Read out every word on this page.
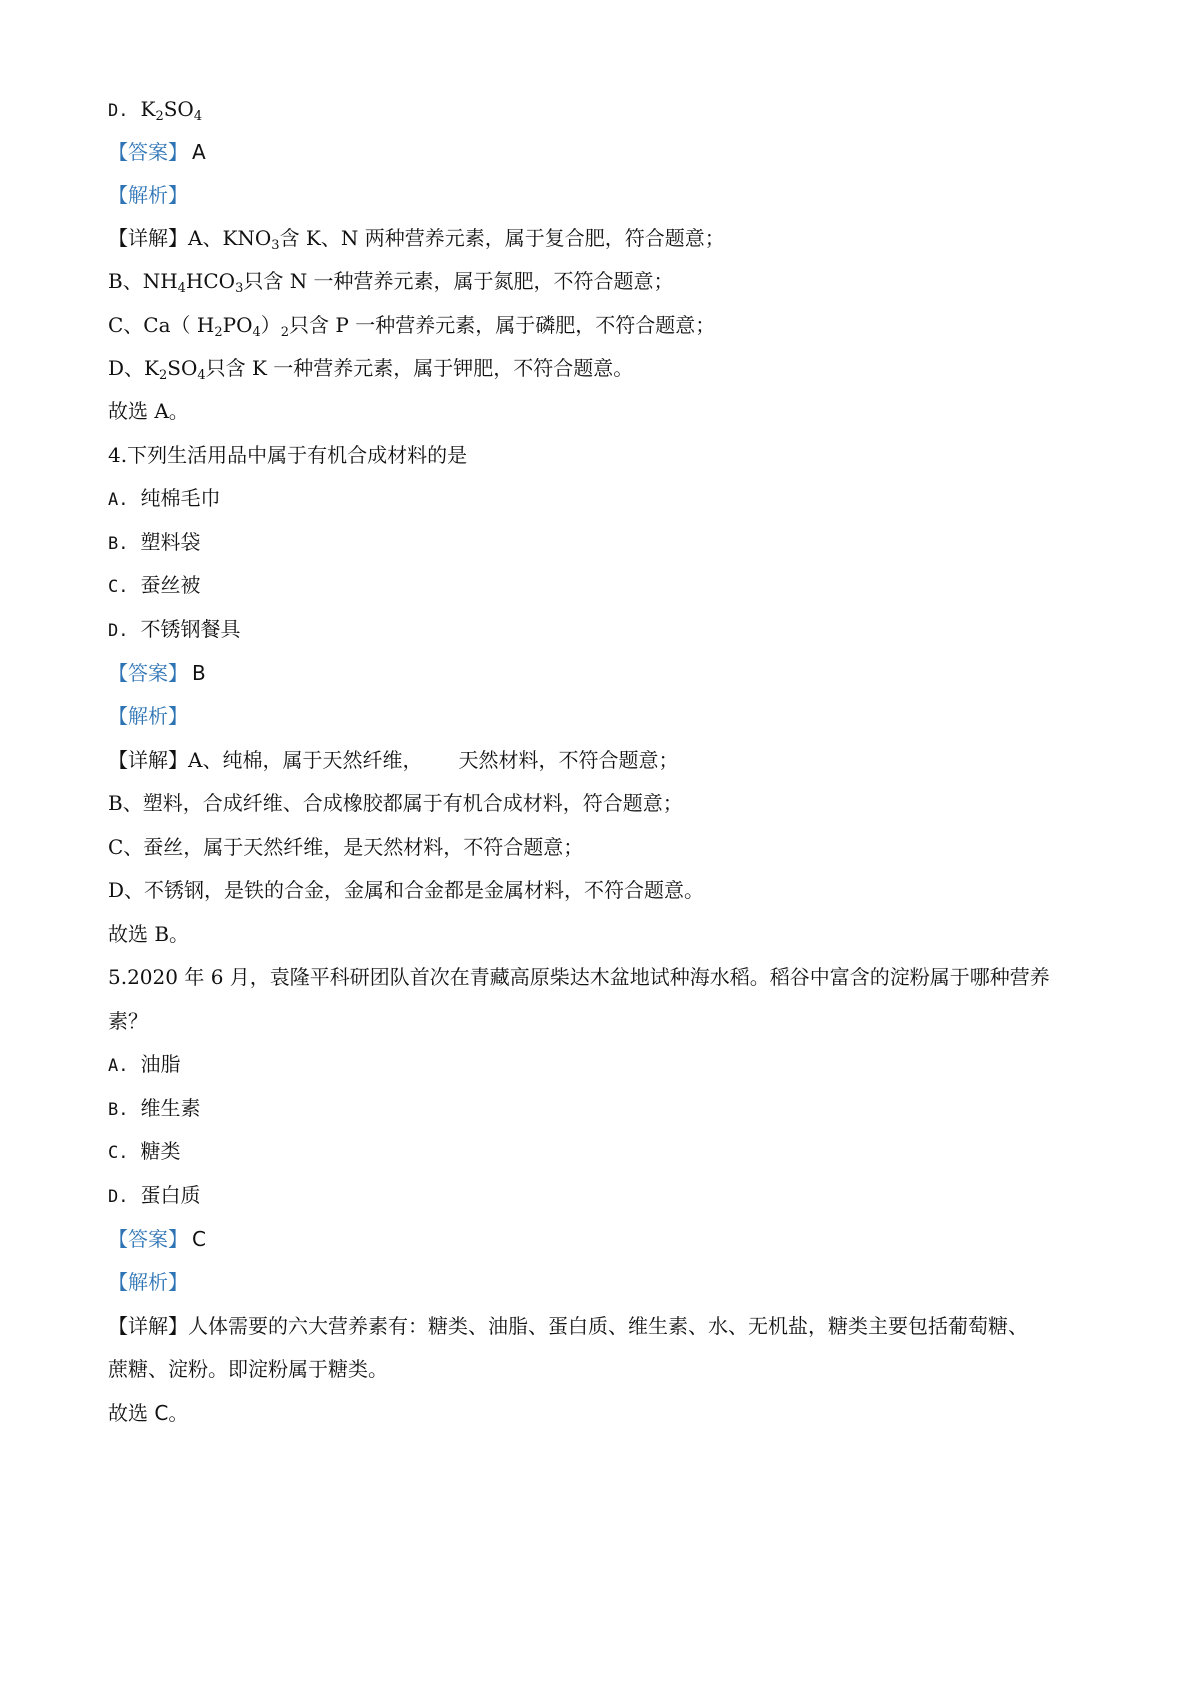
D. $K_2SO_4$
【答案】 A
【解析】
【详解】A、$KNO_3$含 K、N 两种营养元素，属于复合肥，符合题意；
B、$NH_4HCO_3$只含 N 一种营养元素，属于氮肥，不符合题意；
C、Ca（ $H_2PO_4)_2$只含 P 一种营养元素，属于磷肥，不符合题意；
D、$K_2SO_4$只含 K 一种营养元素，属于钾肥，不符合题意。
故选 A。
4.下列生活用品中属于有机合成材料的是
A. 纯棉毛巾
B. 塑料袋
C. 蚕丝被
D. 不锈钢餐具
【答案】 B
【解析】
【详解】A、纯棉，属于天然纤维， 天然材料，不符合题意；
B、塑料，合成纤维、合成橡胶都属于有机合成材料，符合题意；
C、蚕丝，属于天然纤维，是天然材料，不符合题意；
D、不锈钢，是铁的合金，金属和合金都是金属材料，不符合题意。
故选 B。
5.2020 年 6 月，袁隆平科研团队首次在青藏高原柴达木盆地试种海水稻。稻谷中富含的淀粉属于哪种营养
素？
A. 油脂
B. 维生素
C. 糖类
D. 蛋白质
【答案】 C
【解析】
【详解】人体需要的六大营养素有：糖类、油脂、蛋白质、维生素、水、无机盐，糖类主要包括葡萄糖、
蔗糖、淀粉。即淀粉属于糖类。
故选 C。
